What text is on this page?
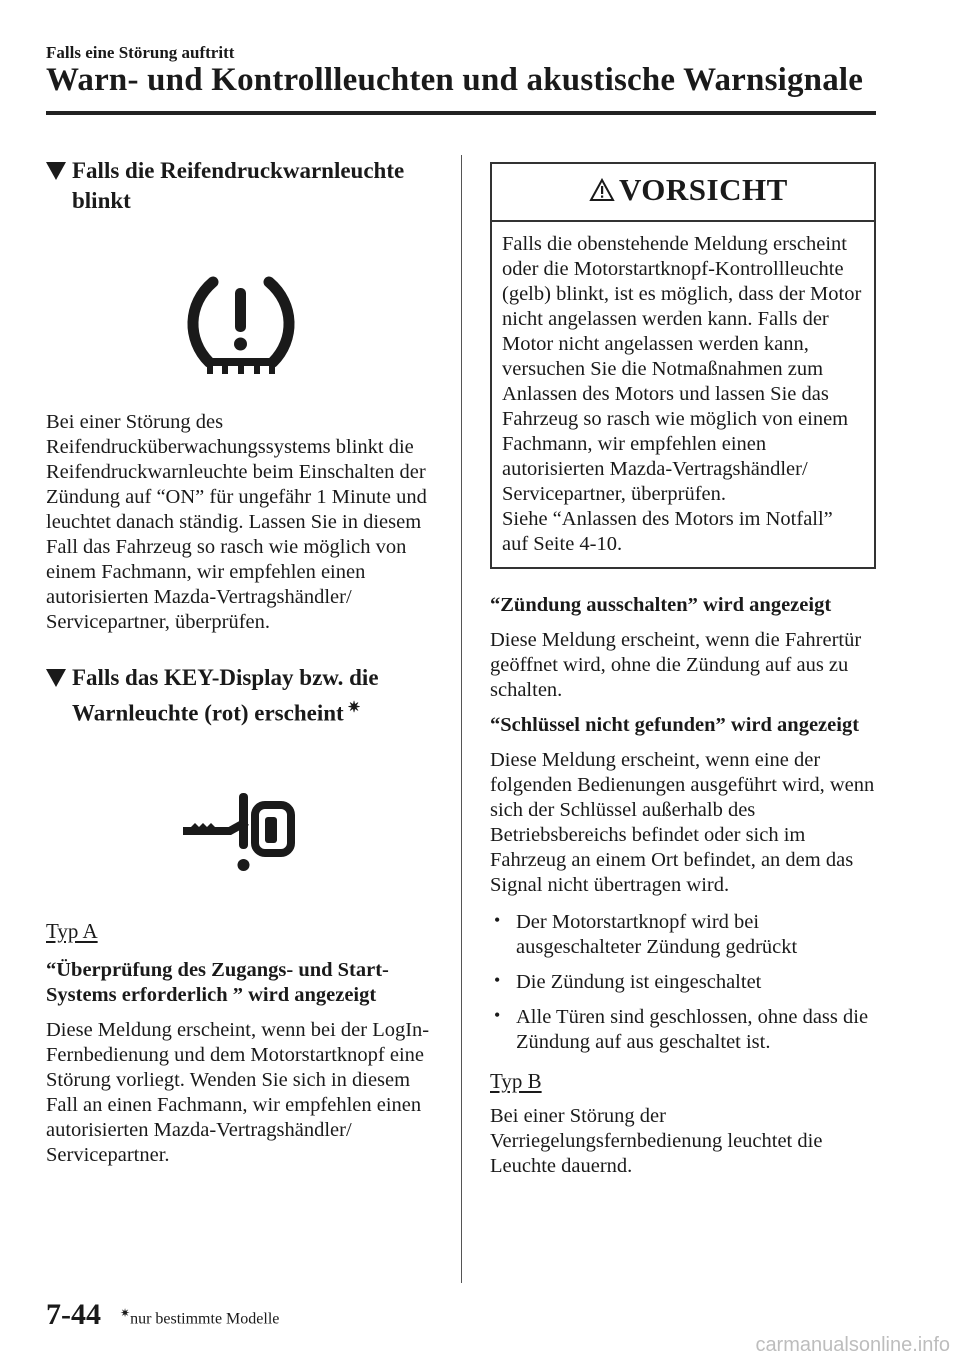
Falls eine Störung auftritt
Warn- und Kontrollleuchten und akustische Warnsignale
Falls die Reifendruckwarnleuchte blinkt

Bei einer Störung des Reifendrucküberwachungssystems blinkt die Reifendruckwarnleuchte beim Einschalten der Zündung auf “ON” für ungefähr 1 Minute und leuchtet danach ständig. Lassen Sie in diesem Fall das Fahrzeug so rasch wie möglich von einem Fachmann, wir empfehlen einen autorisierten Mazda-Vertragshändler/ Servicepartner, überprüfen.

Falls das KEY-Display bzw. die Warnleuchte (rot) erscheint ✷
Typ A

“Überprüfung des Zugangs- und Start-Systems erforderlich ” wird angezeigt

Diese Meldung erscheint, wenn bei der LogIn-Fernbedienung und dem Motorstartknopf eine Störung vorliegt. Wenden Sie sich in diesem Fall an einen Fachmann, wir empfehlen einen autorisierten Mazda-Vertragshändler/ Servicepartner.

VORSICHT

Falls die obenstehende Meldung erscheint oder die Motorstartknopf-Kontrollleuchte (gelb) blinkt, ist es möglich, dass der Motor nicht angelassen werden kann. Falls der Motor nicht angelassen werden kann, versuchen Sie die Notmaßnahmen zum Anlassen des Motors und lassen Sie das Fahrzeug so rasch wie möglich von einem Fachmann, wir empfehlen einen autorisierten Mazda-Vertragshändler/ Servicepartner, überprüfen.

Siehe “Anlassen des Motors im Notfall” auf Seite 4-10.

“Zündung ausschalten” wird angezeigt

Diese Meldung erscheint, wenn die Fahrertür geöffnet wird, ohne die Zündung auf aus zu schalten.

“Schlüssel nicht gefunden” wird angezeigt

Diese Meldung erscheint, wenn eine der folgenden Bedienungen ausgeführt wird, wenn sich der Schlüssel außerhalb des Betriebsbereichs befindet oder sich im Fahrzeug an einem Ort befindet, an dem das Signal nicht übertragen wird.

• Der Motorstartknopf wird bei ausgeschalteter Zündung gedrückt

• Die Zündung ist eingeschaltet

• Alle Türen sind geschlossen, ohne dass die Zündung auf aus geschaltet ist.

Typ B

Bei einer Störung der Verriegelungsfernbedienung leuchtet die Leuchte dauernd.

7-44 ✷nur bestimmte Modelle
carmanualsonline.info
